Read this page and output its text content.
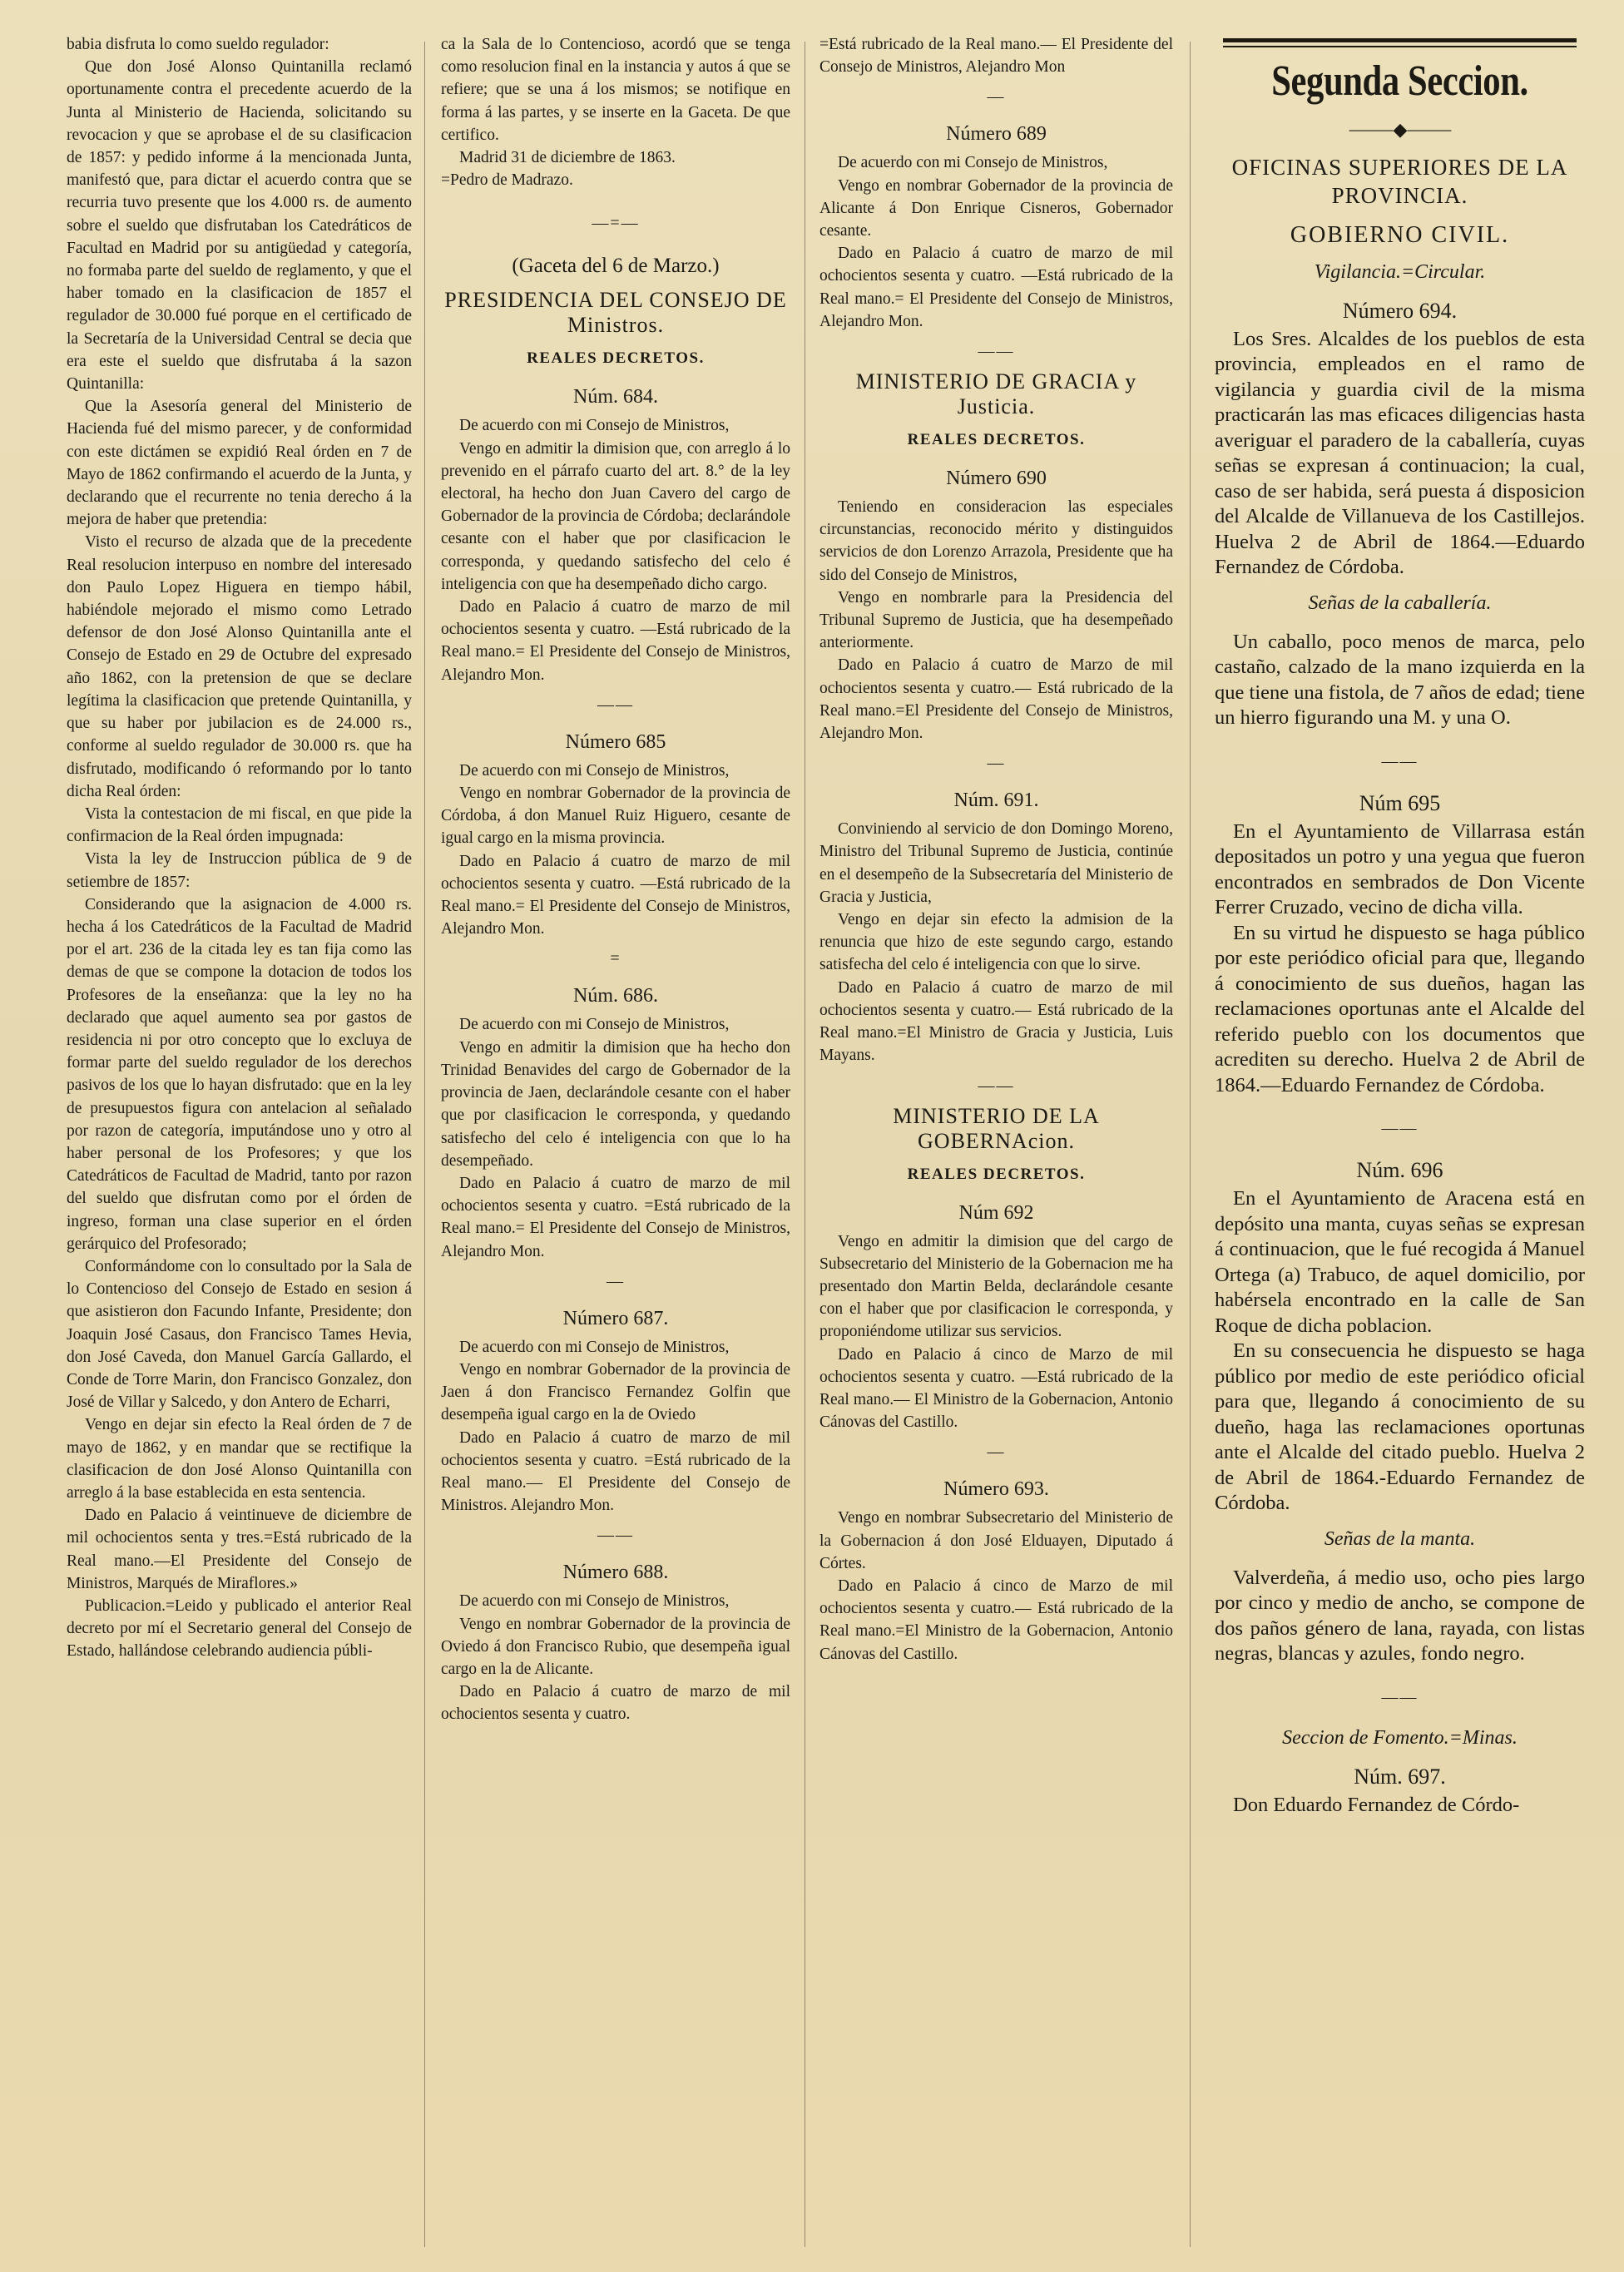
babia disfruta lo como sueldo regulador:

Que don José Alonso Quintanilla reclamó oportunamente contra el precedente acuerdo de la Junta al Ministerio de Hacienda, solicitando su revocacion y que se aprobase el de su clasificacion de 1857: y pedido informe á la mencionada Junta, manifestó que, para dictar el acuerdo contra que se recurria tuvo presente que los 4.000 rs. de aumento sobre el sueldo que disfrutaban los Catedráticos de Facultad en Madrid por su antigüedad y categoría, no formaba parte del sueldo de reglamento, y que el haber tomado en la clasificacion de 1857 el regulador de 30.000 fué porque en el certificado de la Secretaría de la Universidad Central se decia que era este el sueldo que disfrutaba á la sazon Quintanilla:

Que la Asesoría general del Ministerio de Hacienda fué del mismo parecer, y de conformidad con este dictámen se expidió Real órden en 7 de Mayo de 1862 confirmando el acuerdo de la Junta, y declarando que el recurrente no tenia derecho á la mejora de haber que pretendia:

Visto el recurso de alzada que de la precedente Real resolucion interpuso en nombre del interesado don Paulo Lopez Higuera en tiempo hábil, habiéndole mejorado el mismo como Letrado defensor de don José Alonso Quintanilla ante el Consejo de Estado en 29 de Octubre del expresado año 1862, con la pretension de que se declare legítima la clasificacion que pretende Quintanilla, y que su haber por jubilacion es de 24.000 rs., conforme al sueldo regulador de 30.000 rs. que ha disfrutado, modificando ó reformando por lo tanto dicha Real órden:

Vista la contestacion de mi fiscal, en que pide la confirmacion de la Real órden impugnada:

Vista la ley de Instruccion pública de 9 de setiembre de 1857:

Considerando que la asignacion de 4.000 rs. hecha á los Catedráticos de la Facultad de Madrid por el art. 236 de la citada ley es tan fija como las demas de que se compone la dotacion de todos los Profesores de la enseñanza: que la ley no ha declarado que aquel aumento sea por gastos de residencia ni por otro concepto que lo excluya de formar parte del sueldo regulador de los derechos pasivos de los que lo hayan disfrutado: que en la ley de presupuestos figura con antelacion al señalado por razon de categoría, imputándose uno y otro al haber personal de los Profesores; y que los Catedráticos de Facultad de Madrid, tanto por razon del sueldo que disfrutan como por el órden de ingreso, forman una clase superior en el órden gerárquico del Profesorado;

Conformándome con lo consultado por la Sala de lo Contencioso del Consejo de Estado en sesion á que asistieron don Facundo Infante, Presidente; don Joaquin José Casaus, don Francisco Tames Hevia, don José Caveda, don Manuel García Gallardo, el Conde de Torre Marin, don Francisco Gonzalez, don José de Villar y Salcedo, y don Antero de Echarri,

Vengo en dejar sin efecto la Real órden de 7 de mayo de 1862, y en mandar que se rectifique la clasificacion de don José Alonso Quintanilla con arreglo á la base establecida en esta sentencia.

Dado en Palacio á veintinueve de diciembre de mil ochocientos senta y tres.=Está rubricado de la Real mano.—El Presidente del Consejo de Ministros, Marqués de Miraflores.»

Publicacion.=Leido y publicado el anterior Real decreto por mí el Secretario general del Consejo de Estado, hallándose celebrando audiencia públi-

ca la Sala de lo Contencioso, acordó que se tenga como resolucion final en la instancia y autos á que se refiere; que se una á los mismos; se notifique en forma á las partes, y se inserte en la Gaceta. De que certifico.

Madrid 31 de diciembre de 1863.

=Pedro de Madrazo.

—=—
(Gaceta del 6 de Marzo.)
PRESIDENCIA DEL CONSEJO DE Ministros.
REALES DECRETOS.
Núm. 684.

De acuerdo con mi Consejo de Ministros,

Vengo en admitir la dimision que, con arreglo á lo prevenido en el párrafo cuarto del art. 8.° de la ley electoral, ha hecho don Juan Cavero del cargo de Gobernador de la provincia de Córdoba; declarándole cesante con el haber que por clasificacion le corresponda, y quedando satisfecho del celo é inteligencia con que ha desempeñado dicho cargo.

Dado en Palacio á cuatro de marzo de mil ochocientos sesenta y cuatro. —Está rubricado de la Real mano.= El Presidente del Consejo de Ministros, Alejandro Mon.

——
Número 685

De acuerdo con mi Consejo de Ministros,

Vengo en nombrar Gobernador de la provincia de Córdoba, á don Manuel Ruiz Higuero, cesante de igual cargo en la misma provincia.

Dado en Palacio á cuatro de marzo de mil ochocientos sesenta y cuatro. —Está rubricado de la Real mano.= El Presidente del Consejo de Ministros, Alejandro Mon.

=
Núm. 686.

De acuerdo con mi Consejo de Ministros,

Vengo en admitir la dimision que ha hecho don Trinidad Benavides del cargo de Gobernador de la provincia de Jaen, declarándole cesante con el haber que por clasificacion le corresponda, y quedando satisfecho del celo é inteligencia con que lo ha desempeñado.

Dado en Palacio á cuatro de marzo de mil ochocientos sesenta y cuatro. =Está rubricado de la Real mano.= El Presidente del Consejo de Ministros, Alejandro Mon.

—
Número 687.

De acuerdo con mi Consejo de Ministros,

Vengo en nombrar Gobernador de la provincia de Jaen á don Francisco Fernandez Golfin que desempeña igual cargo en la de Oviedo

Dado en Palacio á cuatro de marzo de mil ochocientos sesenta y cuatro. =Está rubricado de la Real mano.— El Presidente del Consejo de Ministros. Alejandro Mon.

——
Número 688.

De acuerdo con mi Consejo de Ministros,

Vengo en nombrar Gobernador de la provincia de Oviedo á don Francisco Rubio, que desempeña igual cargo en la de Alicante.

Dado en Palacio á cuatro de marzo de mil ochocientos sesenta y cuatro.

=Está rubricado de la Real mano.— El Presidente del Consejo de Ministros, Alejandro Mon

—
Número 689

De acuerdo con mi Consejo de Ministros,

Vengo en nombrar Gobernador de la provincia de Alicante á Don Enrique Cisneros, Gobernador cesante.

Dado en Palacio á cuatro de marzo de mil ochocientos sesenta y cuatro. —Está rubricado de la Real mano.= El Presidente del Consejo de Ministros, Alejandro Mon.

——
MINISTERIO DE GRACIA y Justicia.
REALES DECRETOS.
Número 690

Teniendo en consideracion las especiales circunstancias, reconocido mérito y distinguidos servicios de don Lorenzo Arrazola, Presidente que ha sido del Consejo de Ministros,

Vengo en nombrarle para la Presidencia del Tribunal Supremo de Justicia, que ha desempeñado anteriormente.

Dado en Palacio á cuatro de Marzo de mil ochocientos sesenta y cuatro.— Está rubricado de la Real mano.=El Presidente del Consejo de Ministros, Alejandro Mon.

—
Núm. 691.

Conviniendo al servicio de don Domingo Moreno, Ministro del Tribunal Supremo de Justicia, continúe en el desempeño de la Subsecretaría del Ministerio de Gracia y Justicia,

Vengo en dejar sin efecto la admision de la renuncia que hizo de este segundo cargo, estando satisfecha del celo é inteligencia con que lo sirve.

Dado en Palacio á cuatro de marzo de mil ochocientos sesenta y cuatro.— Está rubricado de la Real mano.=El Ministro de Gracia y Justicia, Luis Mayans.

——
MINISTERIO DE LA GOBERNAcion.
REALES DECRETOS.
Núm 692

Vengo en admitir la dimision que del cargo de Subsecretario del Ministerio de la Gobernacion me ha presentado don Martin Belda, declarándole cesante con el haber que por clasificacion le corresponda, y proponiéndome utilizar sus servicios.

Dado en Palacio á cinco de Marzo de mil ochocientos sesenta y cuatro. —Está rubricado de la Real mano.— El Ministro de la Gobernacion, Antonio Cánovas del Castillo.

—
Número 693.

Vengo en nombrar Subsecretario del Ministerio de la Gobernacion á don José Elduayen, Diputado á Córtes.

Dado en Palacio á cinco de Marzo de mil ochocientos sesenta y cuatro.— Está rubricado de la Real mano.=El Ministro de la Gobernacion, Antonio Cánovas del Castillo.

Segunda Seccion.
⸻◆⸻
OFICINAS SUPERIORES DE LA PROVINCIA.
GOBIERNO CIVIL.
Vigilancia.=Circular.
Número 694.

Los Sres. Alcaldes de los pueblos de esta provincia, empleados en el ramo de vigilancia y guardia civil de la misma practicarán las mas eficaces diligencias hasta averiguar el paradero de la caballería, cuyas señas se expresan á continuacion; la cual, caso de ser habida, será puesta á disposicion del Alcalde de Villanueva de los Castillejos. Huelva 2 de Abril de 1864.—Eduardo Fernandez de Córdoba.

Señas de la caballería.

Un caballo, poco menos de marca, pelo castaño, calzado de la mano izquierda en la que tiene una fistola, de 7 años de edad; tiene un hierro figurando una M. y una O.

——
Núm 695

En el Ayuntamiento de Villarrasa están depositados un potro y una yegua que fueron encontrados en sembrados de Don Vicente Ferrer Cruzado, vecino de dicha villa.

En su virtud he dispuesto se haga público por este periódico oficial para que, llegando á conocimiento de sus dueños, hagan las reclamaciones oportunas ante el Alcalde del referido pueblo con los documentos que acrediten su derecho. Huelva 2 de Abril de 1864.—Eduardo Fernandez de Córdoba.

——
Núm. 696

En el Ayuntamiento de Aracena está en depósito una manta, cuyas señas se expresan á continuacion, que le fué recogida á Manuel Ortega (a) Trabuco, de aquel domicilio, por habérsela encontrado en la calle de San Roque de dicha poblacion.

En su consecuencia he dispuesto se haga público por medio de este periódico oficial para que, llegando á conocimiento de su dueño, haga las reclamaciones oportunas ante el Alcalde del citado pueblo. Huelva 2 de Abril de 1864.-Eduardo Fernandez de Córdoba.

Señas de la manta.

Valverdeña, á medio uso, ocho pies largo por cinco y medio de ancho, se compone de dos paños género de lana, rayada, con listas negras, blancas y azules, fondo negro.

——
Seccion de Fomento.=Minas.
Núm. 697.

Don Eduardo Fernandez de Córdo-
